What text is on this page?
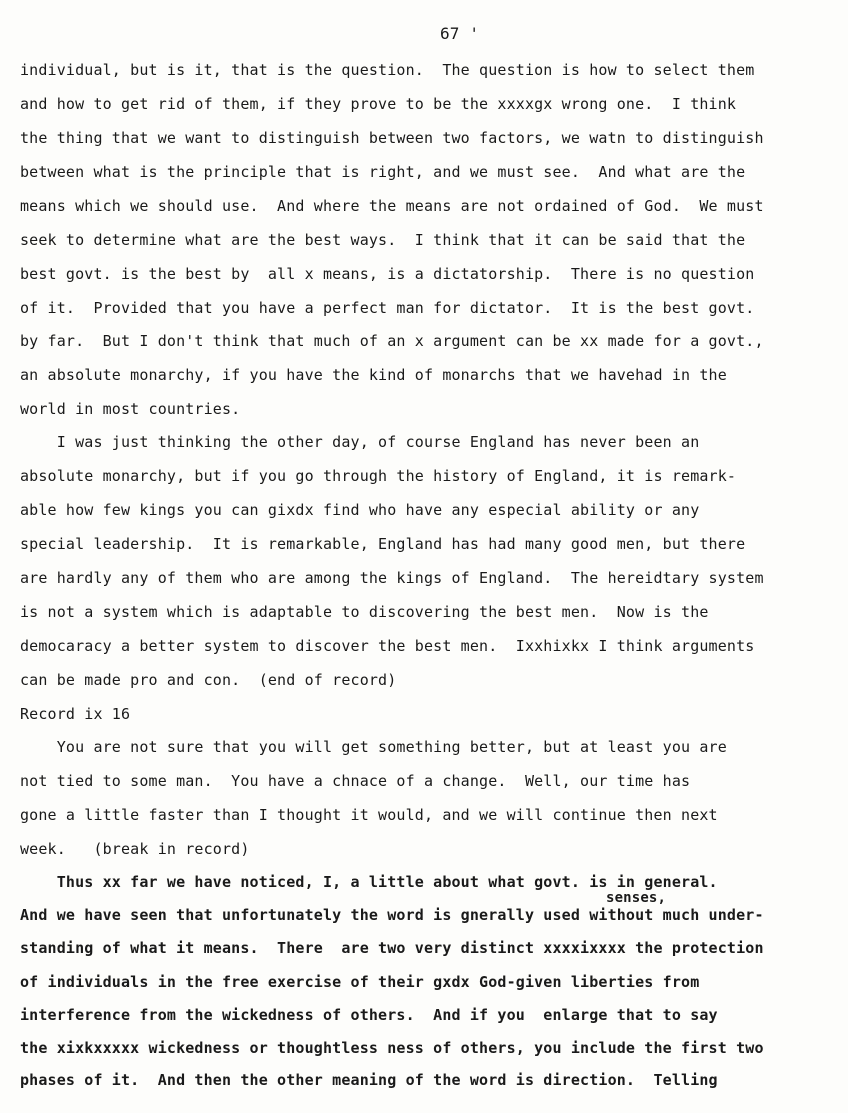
67 '
individual, but is it, that is the question.  The question is how to select them
and how to get rid of them, if they prove to be the xxxxgx wrong one.  I think
the thing that we want to distinguish between two factors, we watn to distinguish
between what is the principle that is right, and we must see.  And what are the
means which we should use.  And where the means are not ordained of God.  We must
seek to determine what are the best ways.  I think that it can be said that the
best govt. is the best by  all x means, is a dictatorship.  There is no question
of it.  Provided that you have a perfect man for dictator.  It is the best govt.
by far.  But I don't think that much of an x argument can be xx made for a govt.,
an absolute monarchy, if you have the kind of monarchs that we havehad in the
world in most countries.
I was just thinking the other day, of course England has never been an
absolute monarchy, but if you go through the history of England, it is remark-
able how few kings you can gixdx find who have any especial ability or any
special leadership.  It is remarkable, England has had many good men, but there
are hardly any of them who are among the kings of England.  The hereidtary system
is not a system which is adaptable to discovering the best men.  Now is the
democaracy a better system to discover the best men.  Ixxhixkx I think arguments
can be made pro and con.  (end of record)
Record ix 16
You are not sure that you will get something better, but at least you are
not tied to some man.  You have a chnace of a change.  Well, our time has
gone a little faster than I thought it would, and we will continue then next
week.   (break in record)
Thus xx far we have noticed, I, a little about what govt. is in general.
senses,
And we have seen that unfortunately the word is gnerally used without much under-
standing of what it means.  There  are two very distinct xxxxixxxx the protection
of individuals in the free exercise of their gxdx God-given liberties from
interference from the wickedness of others.  And if you  enlarge that to say
the xixkxxxxx wickedness or thoughtless ness of others, you include the first two
phases of it.  And then the other meaning of the word is direction.  Telling
